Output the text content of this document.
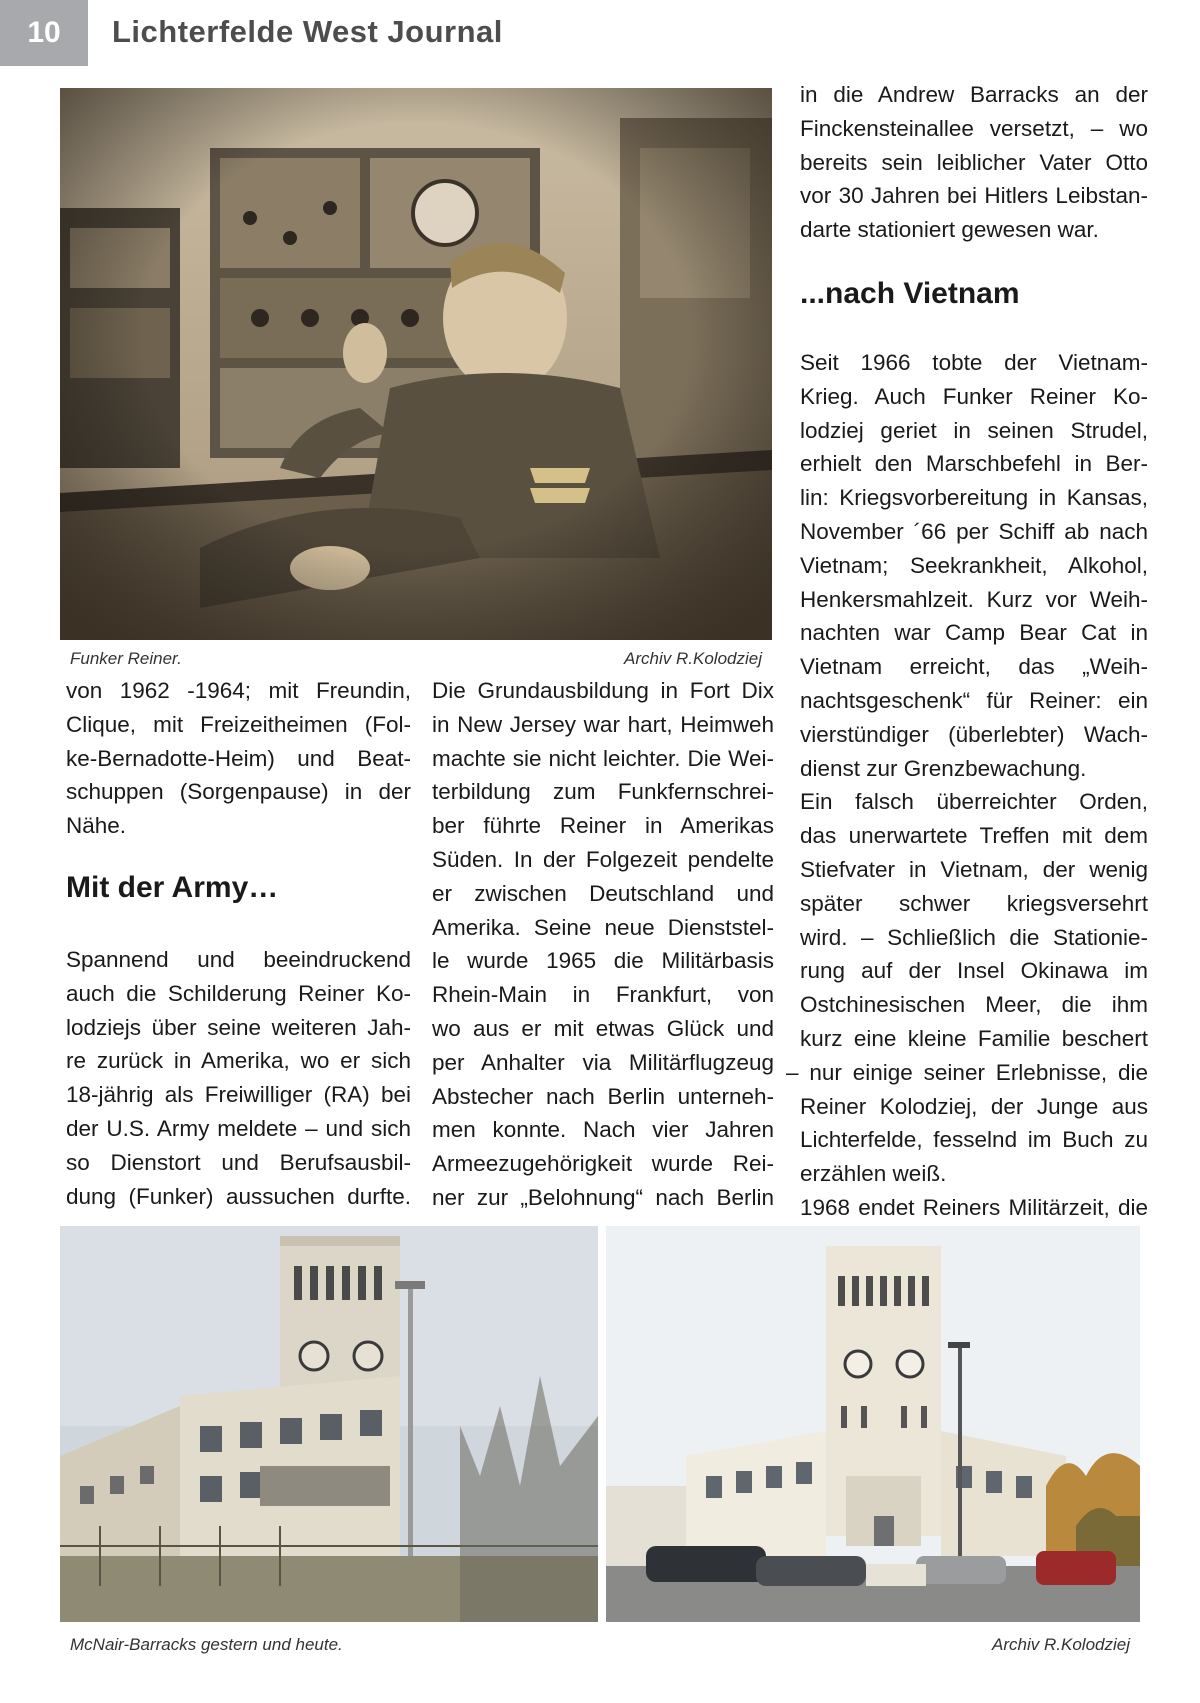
10	Lichterfelde West Journal
Funker Reiner.	Archiv R.Kolodziej

in die Andrew Barracks an der

Finckensteinallee versetzt, – wo

bereits sein leiblicher Vater Otto

vor 30 Jahren bei Hitlers Leibstan-

darte stationiert gewesen war.

...nach Vietnam

Seit 1966 tobte der Vietnam-

Krieg. Auch Funker Reiner Ko-

lodziej geriet in seinen Strudel,

erhielt den Marschbefehl in Ber-

lin: Kriegsvorbereitung in Kansas,

November ´66 per Schiff ab nach

Vietnam; Seekrankheit, Alkohol,

Henkersmahlzeit. Kurz vor Weih-

nachten war Camp Bear Cat in

Vietnam erreicht, das „Weih-

nachtsgeschenk“ für Reiner: ein

vierstündiger (überlebter) Wach-

dienst zur Grenzbewachung.

Ein falsch überreichter Orden,

das unerwartete Treffen mit dem

Stiefvater in Vietnam, der wenig

später schwer kriegsversehrt

wird. – Schließlich die Stationie-

rung auf der Insel Okinawa im

Ostchinesischen Meer, die ihm

kurz eine kleine Familie beschert

– nur einige seiner Erlebnisse, die

Reiner Kolodziej, der Junge aus

Lichterfelde, fesselnd im Buch zu

erzählen weiß.

1968 endet Reiners Militärzeit, die

von 1962 -1964; mit Freundin,

Clique, mit Freizeitheimen (Fol-

ke-Bernadotte-Heim) und Beat-

schuppen (Sorgenpause) in der

Nähe.

Mit der Army…

Spannend und beeindruckend

auch die Schilderung Reiner Ko-

lodziejs über seine weiteren Jah-

re zurück in Amerika, wo er sich

18-jährig als Freiwilliger (RA) bei

der U.S. Army meldete – und sich

so Dienstort und Berufsausbil-

dung (Funker) aussuchen durfte.

Die Grundausbildung in Fort Dix

in New Jersey war hart, Heimweh

machte sie nicht leichter. Die Wei-

terbildung zum Funkfernschrei-

ber führte Reiner in Amerikas

Süden. In der Folgezeit pendelte

er zwischen Deutschland und

Amerika. Seine neue Dienststel-

le wurde 1965 die Militärbasis

Rhein-Main in Frankfurt, von

wo aus er mit etwas Glück und

per Anhalter via Militärflugzeug

Abstecher nach Berlin unterneh-

men konnte. Nach vier Jahren

Armeezugehörigkeit wurde Rei-

ner zur „Belohnung“ nach Berlin

McNair-Barracks gestern und heute.	Archiv R.Kolodziej
